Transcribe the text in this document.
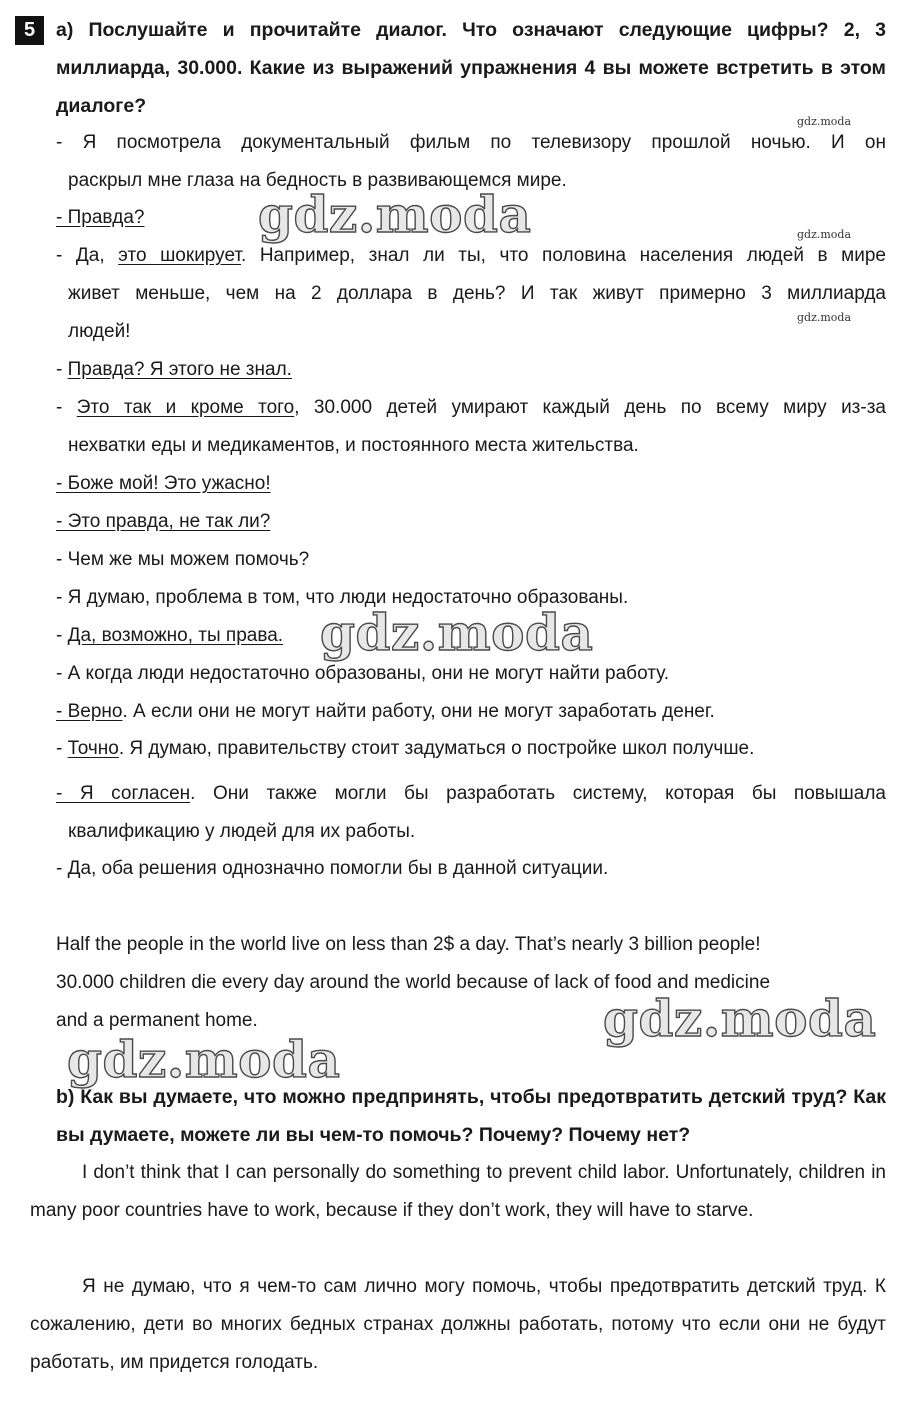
5	a) Послушайте и прочитайте диалог. Что означают следующие цифры? 2, 3 миллиарда, 30.000. Какие из выражений упражнения 4 вы можете встретить в этом диалоге?
- Я посмотрела документальный фильм по телевизору прошлой ночью. И он
раскрыл мне глаза на бедность в развивающемся мире.
- Правда?
- Да, это шокирует. Например, знал ли ты, что половина населения людей в мире
живет меньше, чем на 2 доллара в день? И так живут примерно 3 миллиарда
людей!
- Правда? Я этого не знал.
- Это так и кроме того, 30.000 детей умирают каждый день по всему миру из-за
нехватки еды и медикаментов, и постоянного места жительства.
- Боже мой! Это ужасно!
- Это правда, не так ли?
- Чем же мы можем помочь?
- Я думаю, проблема в том, что люди недостаточно образованы.
- Да, возможно, ты права.
- А когда люди недостаточно образованы, они не могут найти работу.
- Верно. А если они не могут найти работу, они не могут заработать денег.
- Точно. Я думаю, правительству стоит задуматься о постройке школ получше.
- Я согласен. Они также могли бы разработать систему, которая бы повышала
квалификацию у людей для их работы.
- Да, оба решения однозначно помогли бы в данной ситуации.
Half the people in the world live on less than 2$ a day. That’s nearly 3 billion people!
30.000 children die every day around the world because of lack of food and medicine
and a permanent home.
b) Как вы думаете, что можно предпринять, чтобы предотвратить детский труд? Как вы думаете, можете ли вы чем-то помочь? Почему? Почему нет?
I don’t think that I can personally do something to prevent child labor. Unfortunately, children in many poor countries have to work, because if they don’t work, they will have to starve.
Я не думаю, что я чем-то сам лично могу помочь, чтобы предотвратить детский труд. К сожалению, дети во многих бедных странах должны работать, потому что если они не будут работать, им придется голодать.
gdz.moda
gdz.moda
gdz.moda
gdz.moda
gdz.moda
gdz.moda
gdz.moda
